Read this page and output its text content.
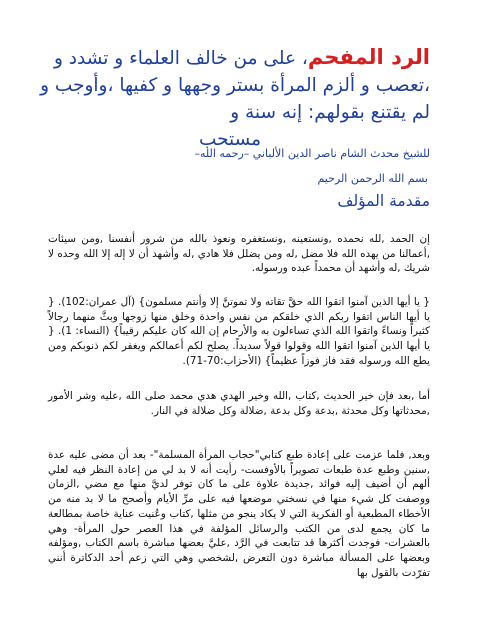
الرد المفحم، على من خالف العلماء و تشدد و ،تعصب و ألزم المرأة بستر وجهها و كفيها ،وأوجب و لم يقتنع بقولهم: إنه سنة و
مستحب

للشيخ محدث الشام ناصر الدين الألباني –رحمه الله–

بسم الله الرحمن الرحيم

مقدمة المؤلف

إن الحمد ,لله نحمده ,ونستعينه ,ونستغفره ونعوذ بالله من شرور أنفسنا ,ومن سيئات ,أعمالنا من يهده الله فلا مضل ,له ومن يضلل فلا هادي ,له وأشهد أن لا إله إلا الله وحده لا شريك ,له وأشهد أن محمداً عبده ورسوله.

{ يا أيها الذين آمنوا اتقوا الله حقَّ تقاته ولا تموتنَّ إلا وأنتم مسلمون} (آل عمران:102). { يا أيها الناس اتقوا ربكم الذي خلقكم من نفس واحدة وخلق منها زوجها وبثَّ منهما رجالاً كثيراً ونساءً واتقوا الله الذي تساءلون به والأرحام إن الله كان عليكم رقيباً} (النساء: 1). { يا أيها الذين آمنوا اتقوا الله وقولوا قولاً سديداً. يصلح لكم أعمالكم ويغفر لكم ذنوبكم ومن يطع الله ورسوله فقد فاز فوزاً عظيماً} (الأحزاب:70-71).

أما ,بعد فإن خير الحديث ,كتاب ,الله وخير الهدي هدي محمد صلى الله ,عليه وشر الأمور ,محدثاتها وكل محدثة ,بدعة وكل بدعة ,ضلالة وكل ضلالة في النار.

وبعد, فلما عزمت على إعادة طبع كتابي"حجاب المرأة المسلمة"- بعد أن مضى عليه عدة ,سنين وطبع عدة طبعات تصويراً بالأوفست- رأيت أنه لا بد لي من إعادة النظر فيه لعلي ألهم أن أضيف إليه فوائد ,جديدة علاوة على ما كان توفر لديَّ منها مع مضي ,الزمان ووصفت كل شيء منها في نسختي موضعها فيه على مرِّ الأيام وأصحح ما لا بد منه من الأخطاء المطبعية أو الفكرية التي لا يكاد ينجو من مثلها ,كتاب وعُنيت عناية خاصة بمطالعة ما كان يجمع لدى من الكتب والرسائل المؤلفة في هذا العصر حول المرأة- وهي بالعشرات- فوجدت أكثرها قد تتابعت في الرَّد ,عليَّ بعضها مباشرة باسم الكتاب ,ومؤلفه وبعضها على المسألة مباشرة دون التعرض ,لشخصي وهي التي زعم أحد الدكاترة أنني تفرّدت بالقول بها
